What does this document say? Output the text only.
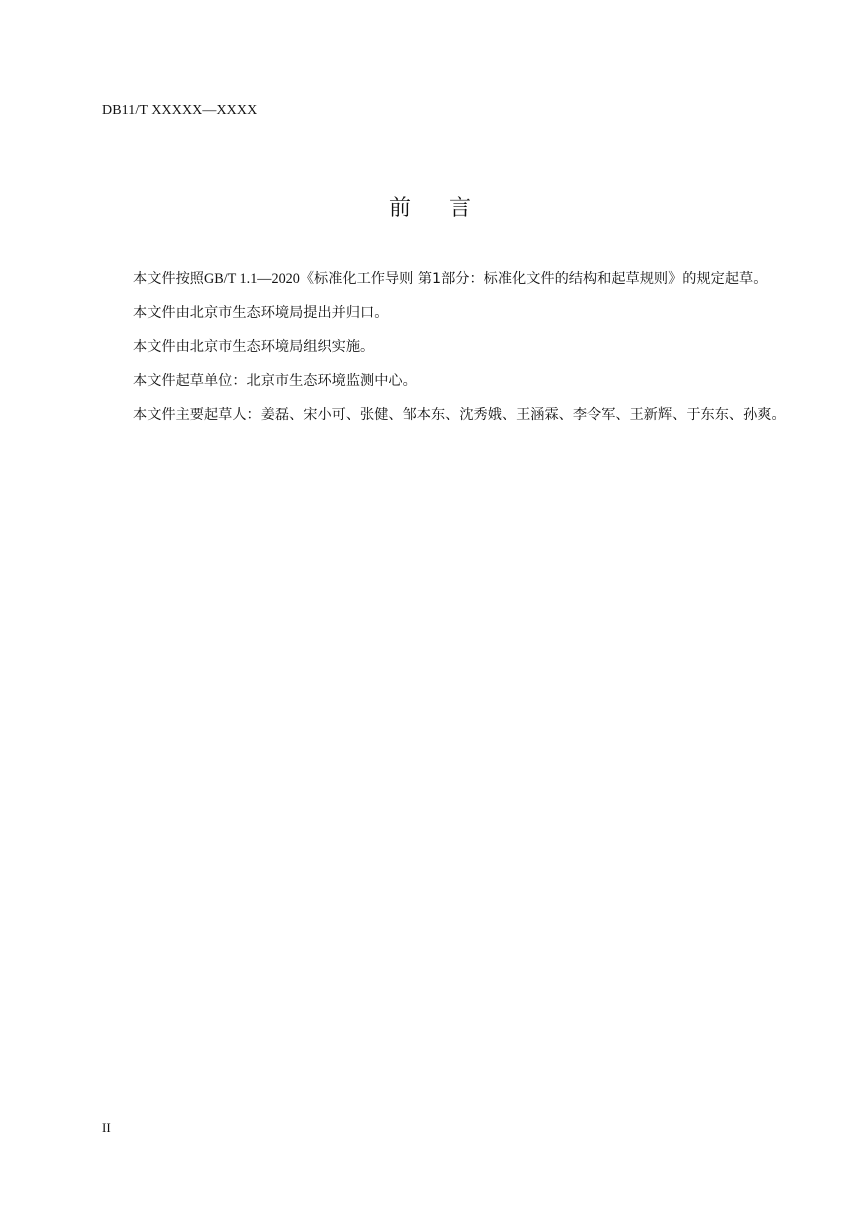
DB11/T XXXXX—XXXX
前言
本文件按照GB/T 1.1—2020《标准化工作导则 第1部分：标准化文件的结构和起草规则》的规定起草。
本文件由北京市生态环境局提出并归口。
本文件由北京市生态环境局组织实施。
本文件起草单位：北京市生态环境监测中心。
本文件主要起草人：姜磊、宋小可、张健、邹本东、沈秀娥、王涵霖、李令军、王新辉、于东东、孙爽。
II
